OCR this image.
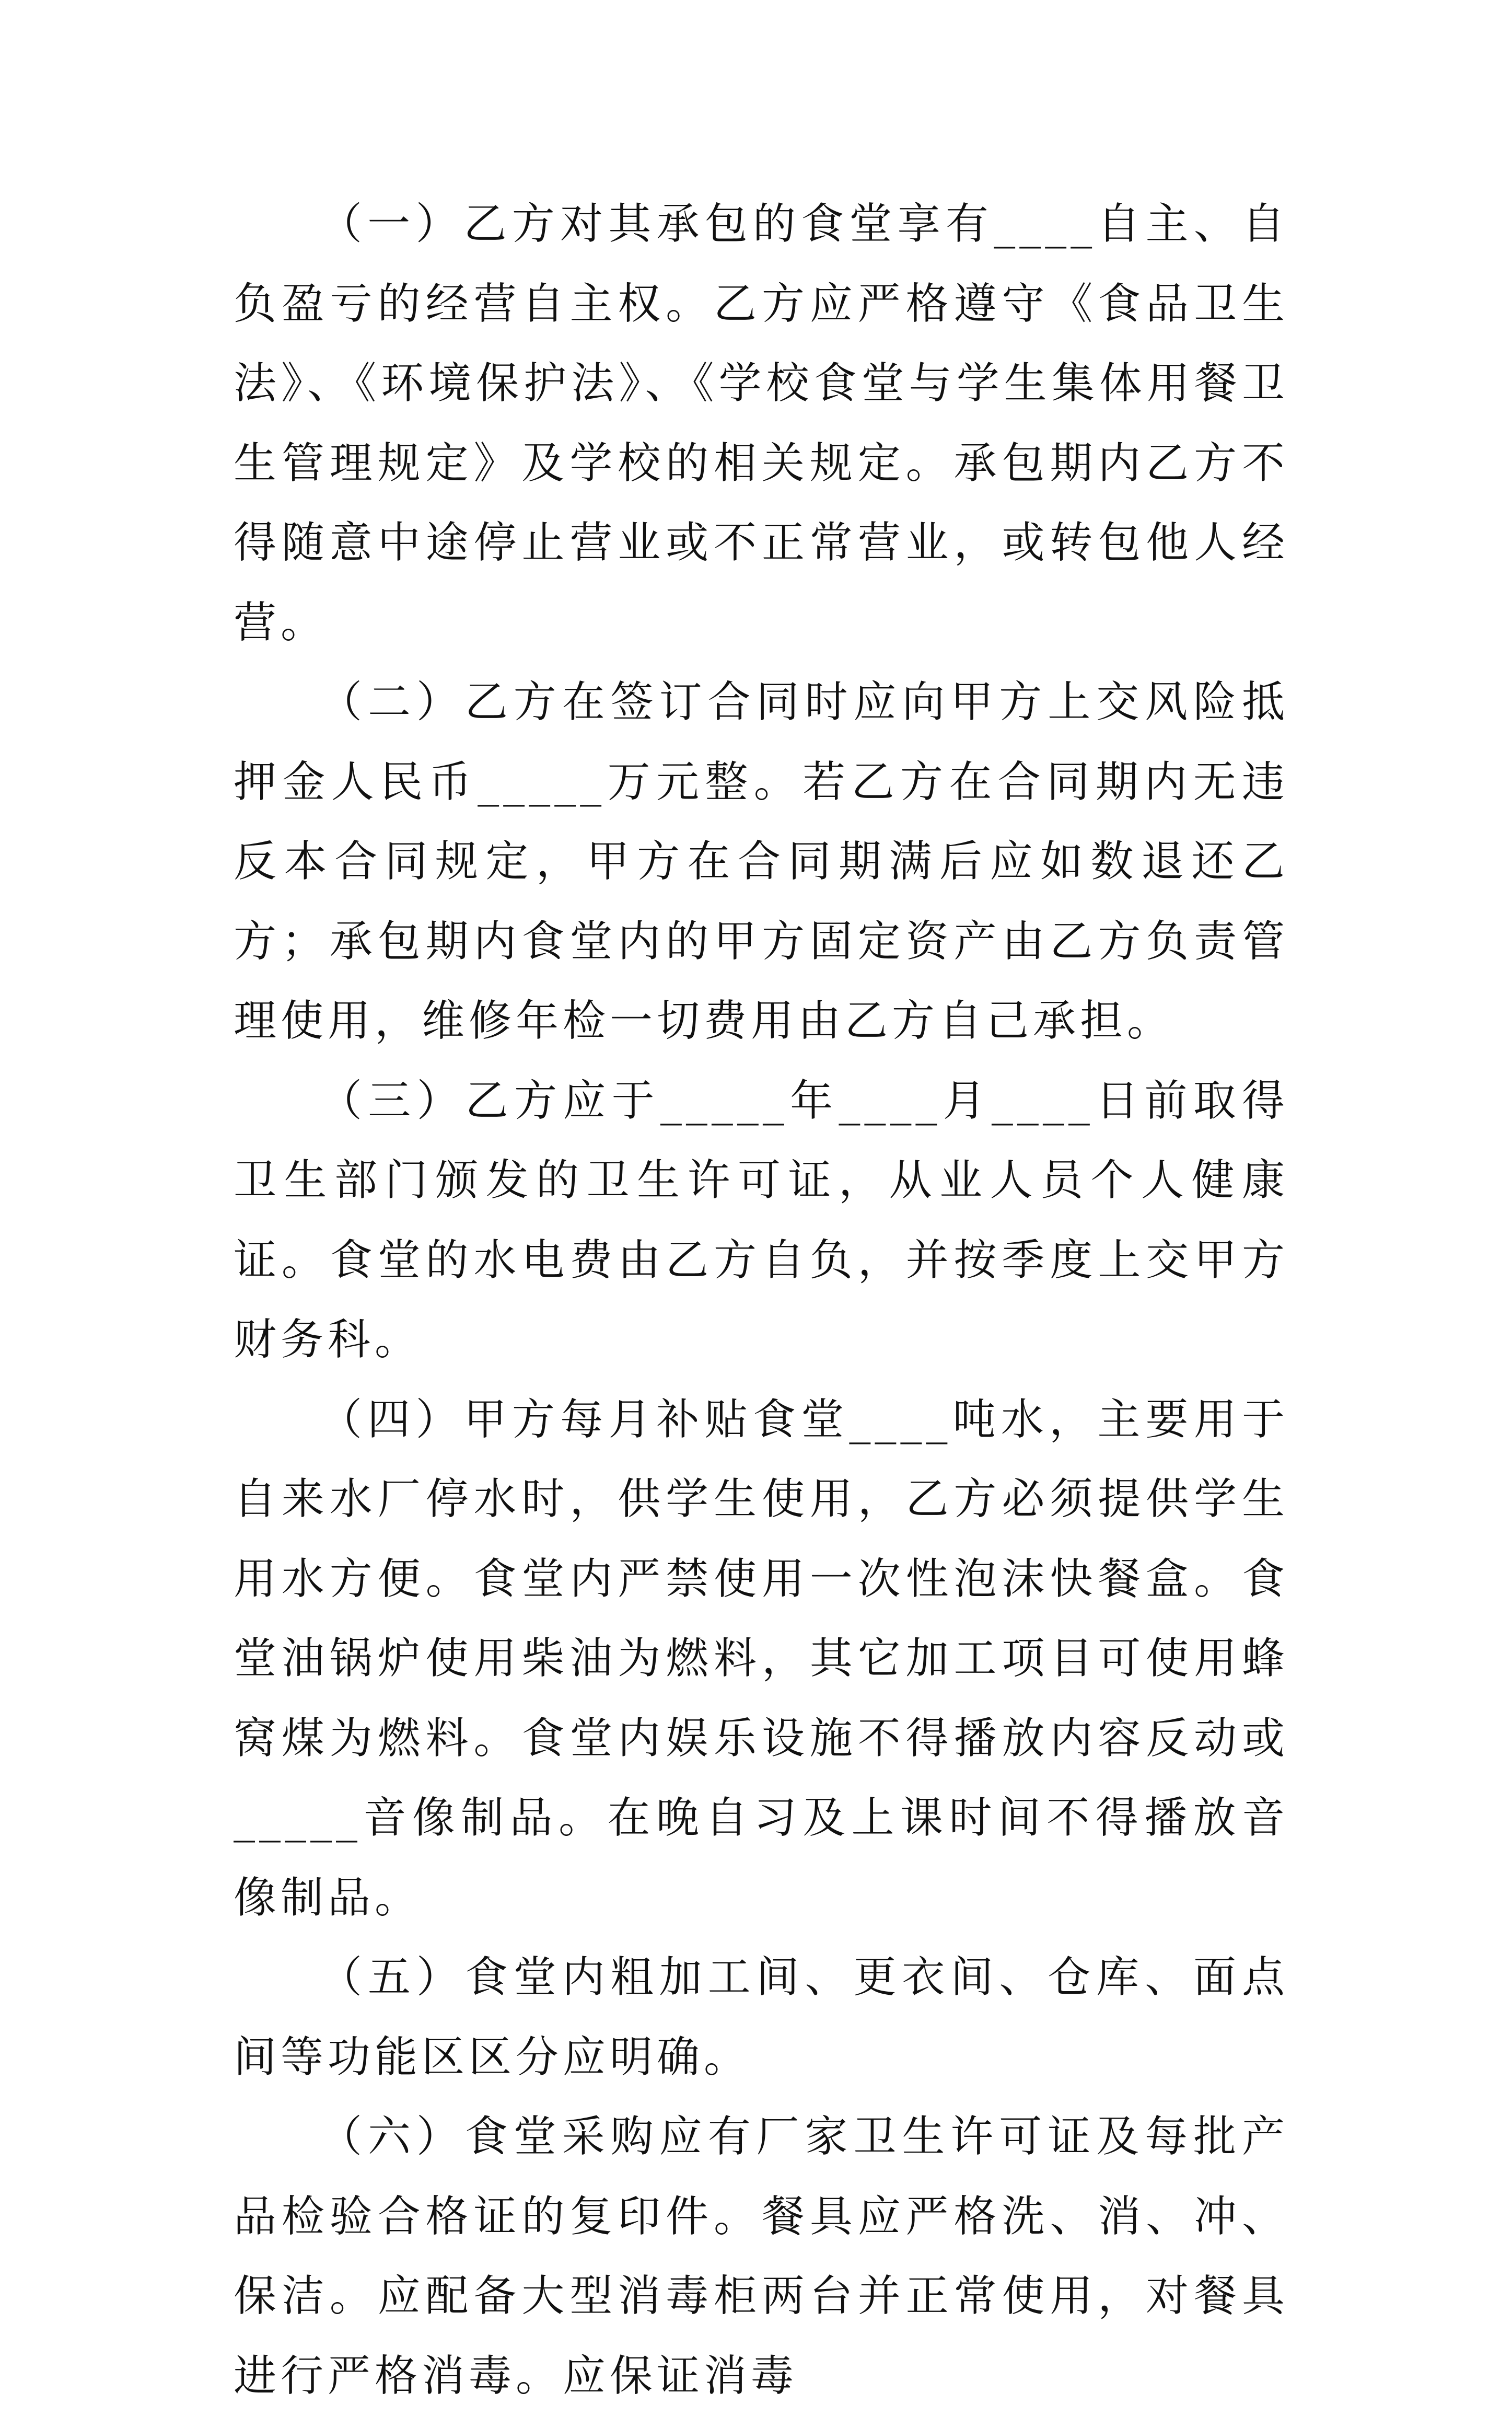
（一）乙方对其承包的食堂享有____自主、自负盈亏的经营自主权。乙方应严格遵守《食品卫生法》、《环境保护法》、《学校食堂与学生集体用餐卫生管理规定》及学校的相关规定。承包期内乙方不得随意中途停止营业或不正常营业，或转包他人经营。

（二）乙方在签订合同时应向甲方上交风险抵押金人民币_____万元整。若乙方在合同期内无违反本合同规定，甲方在合同期满后应如数退还乙方；承包期内食堂内的甲方固定资产由乙方负责管理使用，维修年检一切费用由乙方自己承担。

（三）乙方应于_____年____月____日前取得卫生部门颁发的卫生许可证，从业人员个人健康证。食堂的水电费由乙方自负，并按季度上交甲方财务科。

（四）甲方每月补贴食堂____吨水，主要用于自来水厂停水时，供学生使用，乙方必须提供学生用水方便。食堂内严禁使用一次性泡沫快餐盒。食堂油锅炉使用柴油为燃料，其它加工项目可使用蜂窝煤为燃料。食堂内娱乐设施不得播放内容反动或_____音像制品。在晚自习及上课时间不得播放音像制品。

（五）食堂内粗加工间、更衣间、仓库、面点间等功能区区分应明确。

（六）食堂采购应有厂家卫生许可证及每批产品检验合格证的复印件。餐具应严格洗、消、冲、保洁。应配备大型消毒柜两台并正常使用，对餐具进行严格消毒。应保证消毒
